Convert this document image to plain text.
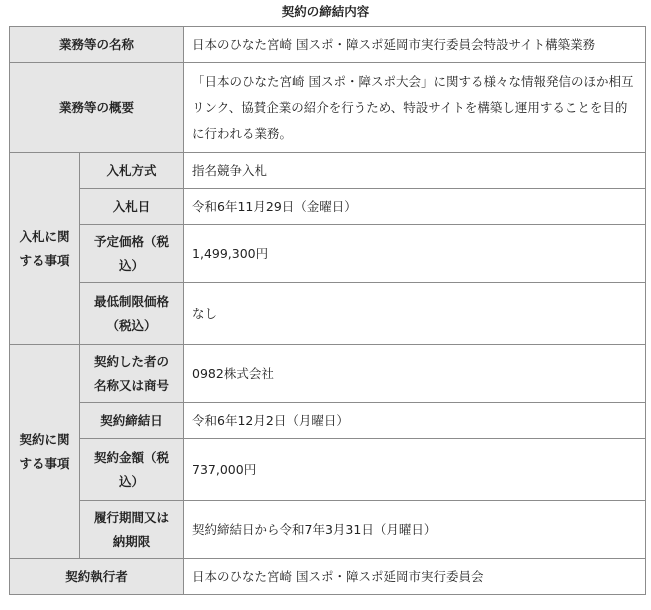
契約の締結内容
業務等の名称		日本のひなた宮崎 国スポ・障スポ延岡市実行委員会特設サイト構築業務
業務等の概要		「日本のひなた宮崎 国スポ・障スポ大会」に関する様々な情報発信のほか相互リンク、協賛企業の紹介を行うため、特設サイトを構築し運用することを目的に行われる業務。
入札に関する事項	入札方式	指名競争入札
	入札日	令和6年11月29日（金曜日）
	予定価格（税込）	1,499,300円
	最低制限価格（税込）	なし
契約に関する事項	契約した者の名称又は商号	0982株式会社
	契約締結日	令和6年12月2日（月曜日）
	契約金額（税込）	737,000円
	履行期間又は納期限	契約締結日から令和7年3月31日（月曜日）
契約執行者		日本のひなた宮崎 国スポ・障スポ延岡市実行委員会
